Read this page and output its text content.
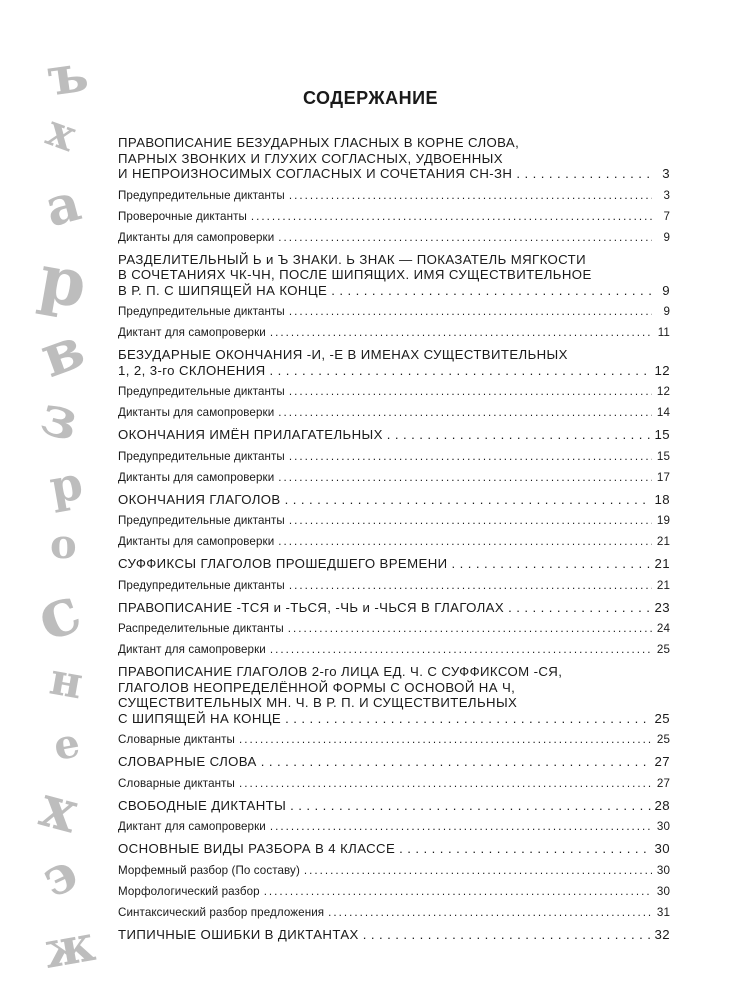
ъ
х
а
р
в
з
р
о
с
н
е
х
э
ж
СОДЕРЖАНИЕ
ПРАВОПИСАНИЕ БЕЗУДАРНЫХ ГЛАСНЫХ В КОРНЕ СЛОВА,
ПАРНЫХ ЗВОНКИХ И ГЛУХИХ СОГЛАСНЫХ, УДВОЕННЫХ
И НЕПРОИЗНОСИМЫХ СОГЛАСНЫХ И СОЧЕТАНИЯ СН-ЗН . . .	3
Предупредительные диктанты . . .	3
Проверочные диктанты . . .	7
Диктанты для самопроверки . . .	9
РАЗДЕЛИТЕЛЬНЫЙ Ь и Ъ ЗНАКИ. Ь ЗНАК — ПОКАЗАТЕЛЬ МЯГКОСТИ
В СОЧЕТАНИЯХ ЧК-ЧН, ПОСЛЕ ШИПЯЩИХ. ИМЯ СУЩЕСТВИТЕЛЬНОЕ
В Р. П. С ШИПЯЩЕЙ НА КОНЦЕ . . .	9
Предупредительные диктанты . . .	9
Диктант для самопроверки . . .	11
БЕЗУДАРНЫЕ ОКОНЧАНИЯ -И, -Е В ИМЕНАХ СУЩЕСТВИТЕЛЬНЫХ
1, 2, 3-го СКЛОНЕНИЯ . . .	12
Предупредительные диктанты . . .	12
Диктанты для самопроверки . . .	14
ОКОНЧАНИЯ ИМЁН ПРИЛАГАТЕЛЬНЫХ . . .	15
Предупредительные диктанты . . .	15
Диктанты для самопроверки . . .	17
ОКОНЧАНИЯ ГЛАГОЛОВ . . .	18
Предупредительные диктанты . . .	19
Диктанты для самопроверки . . .	21
СУФФИКСЫ ГЛАГОЛОВ ПРОШЕДШЕГО ВРЕМЕНИ . . .	21
Предупредительные диктанты . . .	21
ПРАВОПИСАНИЕ -ТСЯ и -ТЬСЯ, -ЧЬ и -ЧЬСЯ В ГЛАГОЛАХ . . .	23
Распределительные диктанты . . .	24
Диктант для самопроверки . . .	25
ПРАВОПИСАНИЕ ГЛАГОЛОВ 2-го ЛИЦА ЕД. Ч. С СУФФИКСОМ -СЯ,
ГЛАГОЛОВ НЕОПРЕДЕЛЁННОЙ ФОРМЫ С ОСНОВОЙ НА Ч,
СУЩЕСТВИТЕЛЬНЫХ МН. Ч. В Р. П. И СУЩЕСТВИТЕЛЬНЫХ
С ШИПЯЩЕЙ НА КОНЦЕ . . .	25
Словарные диктанты . . .	25
СЛОВАРНЫЕ СЛОВА . . .	27
Словарные диктанты . . .	27
СВОБОДНЫЕ ДИКТАНТЫ . . .	28
Диктант для самопроверки . . .	30
ОСНОВНЫЕ ВИДЫ РАЗБОРА В 4 КЛАССЕ . . .	30
Морфемный разбор (По составу) . . .	30
Морфологический разбор . . .	30
Синтаксический разбор предложения . . .	31
ТИПИЧНЫЕ ОШИБКИ В ДИКТАНТАХ . . .	32
